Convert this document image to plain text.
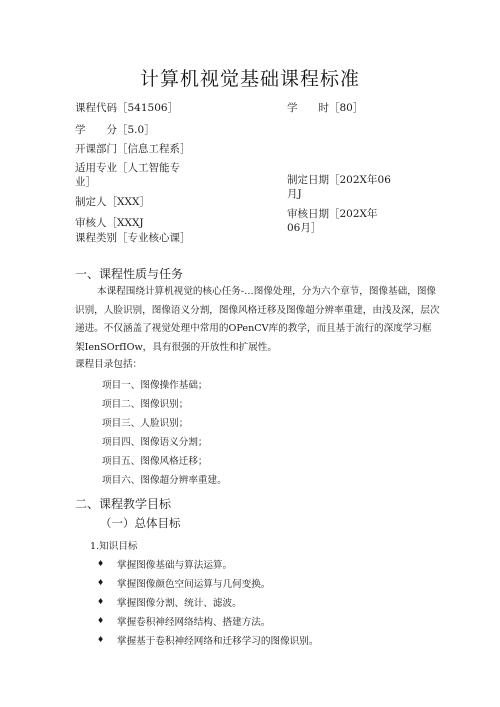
计算机视觉基础课程标准
课程代码［541506］
学　　分［5.0］
开课部门［信息工程系］
适用专业［人工智能专业］
制定人［XXX］
审核人［XXXJ
课程类别［专业核心课］
学　　时［80］
制定日期［202X年06月J
审核日期［202X年06月］
一、课程性质与任务
本课程围绕计算机视觉的核心任务-…图像处理，分为六个章节，图像基础，图像识别，人脸识别，图像语义分割，图像风格迁移及图像超分辨率重建，由浅及深，层次递进。不仅涵盖了视觉处理中常用的OPenCV库的教学，而且基于流行的深度学习框架IenSOrfIOw，具有很强的开放性和扩展性。
课程目录包括：
项目一、图像操作基础；
项目二、图像识别；
项目三、人脸识别；
项目四、图像语义分割；
项目五、图像风格迁移；
项目六、图像超分辨率重建。
二、课程教学目标
（一）总体目标
1.知识目标
♦ 掌握图像基础与算法运算。
♦ 掌握图像颜色空间运算与几何变换。
♦ 掌握图像分割、统计、滤波。
♦ 掌握卷积神经网络结构、搭建方法。
♦ 掌握基于卷积神经网络和迁移学习的图像识别。
